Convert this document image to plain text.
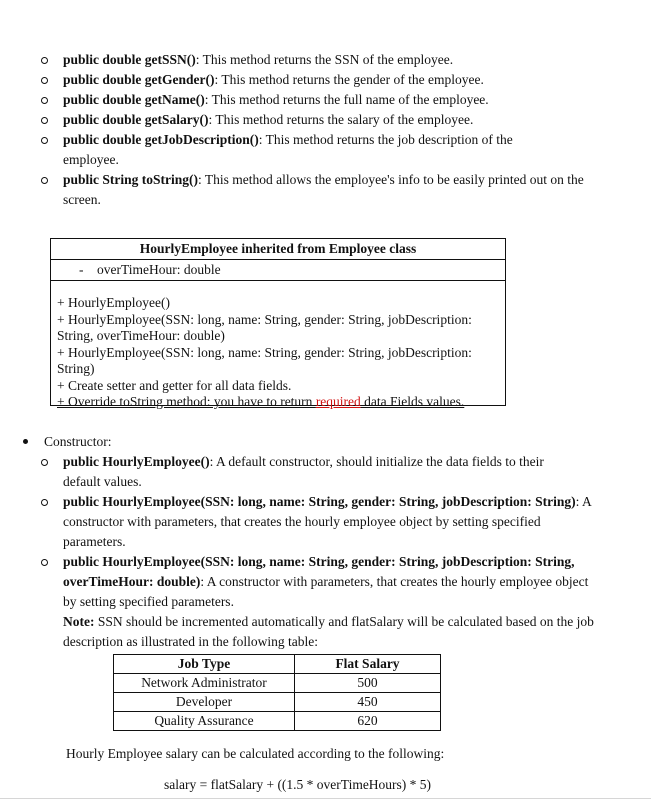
public double getSSN(): This method returns the SSN of the employee.
public double getGender(): This method returns the gender of the employee.
public double getName(): This method returns the full name of the employee.
public double getSalary(): This method returns the salary of the employee.
public double getJobDescription(): This method returns the job description of the employee.
public String toString(): This method allows the employee's info to be easily printed out on the screen.
HourlyEmployee inherited from Employee class
-    overTimeHour: double
+ HourlyEmployee()
+ HourlyEmployee(SSN: long, name: String, gender: String, jobDescription: String, overTimeHour: double)
+ HourlyEmployee(SSN: long, name: String, gender: String, jobDescription: String)
+ Create setter and getter for all data fields.
+ Override toString method: you have to return required data Fields values.
Constructor:
public HourlyEmployee(): A default constructor, should initialize the data fields to their default values.
public HourlyEmployee(SSN: long, name: String, gender: String, jobDescription: String): A constructor with parameters, that creates the hourly employee object by setting specified parameters.
public HourlyEmployee(SSN: long, name: String, gender: String, jobDescription: String, overTimeHour: double): A constructor with parameters, that creates the hourly employee object by setting specified parameters.
Note: SSN should be incremented automatically and flatSalary will be calculated based on the job description as illustrated in the following table:
Job Type	Flat Salary
Network Administrator	500
Developer	450
Quality Assurance	620
Hourly Employee salary can be calculated according to the following:
salary = flatSalary + ((1.5 * overTimeHours) * 5)
